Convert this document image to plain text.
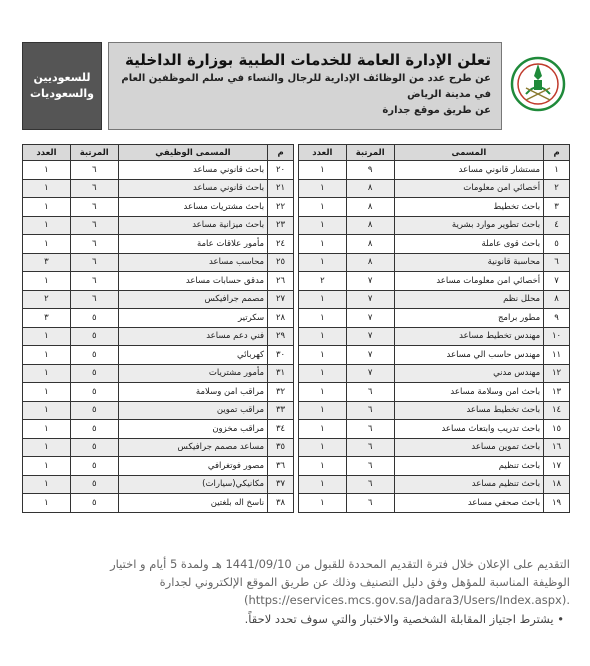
للسعوديين والسعوديات
تعلن الإدارة العامة للخدمات الطبية بوزارة الداخلية
عن طرح عدد من الوظائف الإدارية للرجال والنساء في سلم الموظفين العام في مدينة الرياض
عن طريق موقع جدارة
م	المسمى	المرتبة	العدد
١	مستشار قانوني مساعد	٩	١
٢	أخصائي امن معلومات	٨	١
٣	باحث تخطيط	٨	١
٤	باحث تطوير موارد بشرية	٨	١
٥	باحث قوى عاملة	٨	١
٦	محاسبة قانونية	٨	١
٧	أخصائي امن معلومات مساعد	٧	٢
٨	محلل نظم	٧	١
٩	مطور برامج	٧	١
١٠	مهندس تخطيط مساعد	٧	١
١١	مهندس حاسب الي مساعد	٧	١
١٢	مهندس مدني	٧	١
١٣	باحث امن وسلامة مساعد	٦	١
١٤	باحث تخطيط مساعد	٦	١
١٥	باحث تدريب وابتعاث مساعد	٦	١
١٦	باحث تموين مساعد	٦	١
١٧	باحث تنظيم	٦	١
١٨	باحث تنظيم مساعد	٦	١
١٩	باحث صحفي مساعد	٦	١
م	المسمى الوظيفي	المرتبة	العدد
٢٠	باحث قانوني مساعد	٦	١
٢١	باحث قانوني مساعد	٦	١
٢٢	باحث مشتريات مساعد	٦	١
٢٣	باحث ميزانية مساعد	٦	١
٢٤	مأمور علاقات عامة	٦	١
٢٥	محاسب مساعد	٦	٣
٢٦	مدقق حسابات مساعد	٦	١
٢٧	مصمم جرافيكس	٦	٢
٢٨	سكرتير	٥	٣
٢٩	فني دعم مساعد	٥	١
٣٠	كهربائي	٥	١
٣١	مأمور مشتريات	٥	١
٣٢	مراقب امن وسلامة	٥	١
٣٣	مراقب تموين	٥	١
٣٤	مراقب مخزون	٥	١
٣٥	مساعد مصمم جرافيكس	٥	١
٣٦	مصور فوتغرافي	٥	١
٣٧	مكانيكي(سيارات)	٥	١
٣٨	ناسخ اله بلغتين	٥	١
التقديم على الإعلان خلال فترة التقديم المحددة للقبول من 1441/09/10 هـ ولمدة 5 أيام و اختيار
الوظيفة المناسبة للمؤهل وفق دليل التصنيف وذلك عن طريق الموقع الإلكتروني لجدارة
(https://eservices.mcs.gov.sa/Jadara3/Users/Index.aspx).
• يشترط اجتياز المقابلة الشخصية والاختبار والتي سوف تحدد لاحقاً.
